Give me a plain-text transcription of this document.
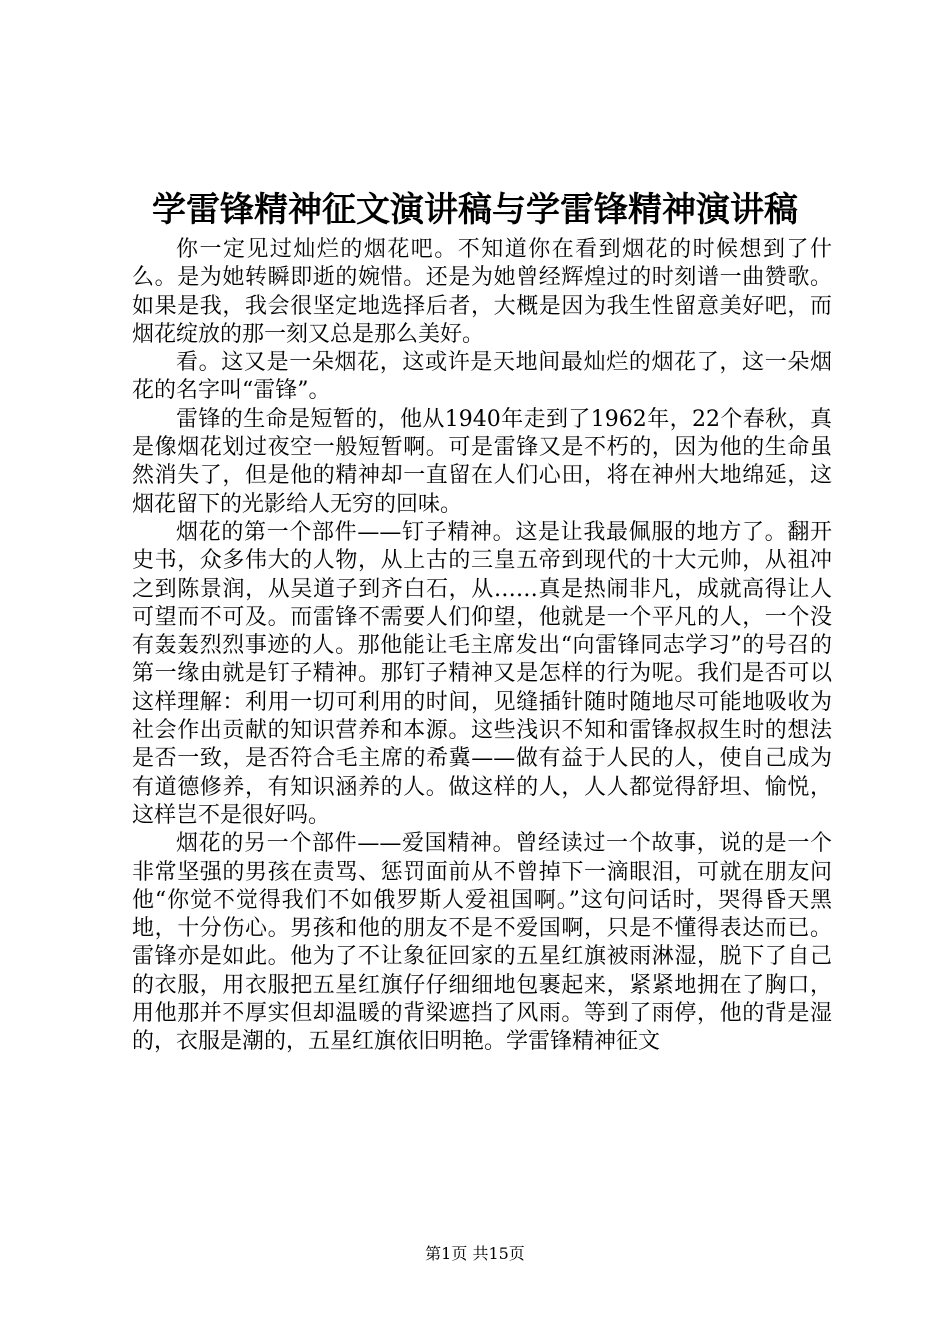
学雷锋精神征文演讲稿与学雷锋精神演讲稿

你一定见过灿烂的烟花吧。不知道你在看到烟花的时候想到了什么。是为她转瞬即逝的婉惜。还是为她曾经辉煌过的时刻谱一曲赞歌。如果是我，我会很坚定地选择后者，大概是因为我生性留意美好吧，而烟花绽放的那一刻又总是那么美好。

看。这又是一朵烟花，这或许是天地间最灿烂的烟花了，这一朵烟花的名字叫“雷锋”。

雷锋的生命是短暂的，他从1940年走到了1962年，22个春秋，真是像烟花划过夜空一般短暂啊。可是雷锋又是不朽的，因为他的生命虽然消失了，但是他的精神却一直留在人们心田，将在神州大地绵延，这烟花留下的光影给人无穷的回味。

烟花的第一个部件——钉子精神。这是让我最佩服的地方了。翻开史书，众多伟大的人物，从上古的三皇五帝到现代的十大元帅，从祖冲之到陈景润，从吴道子到齐白石，从……真是热闹非凡，成就高得让人可望而不可及。而雷锋不需要人们仰望，他就是一个平凡的人，一个没有轰轰烈烈事迹的人。那他能让毛主席发出“向雷锋同志学习”的号召的第一缘由就是钉子精神。那钉子精神又是怎样的行为呢。我们是否可以这样理解：利用一切可利用的时间，见缝插针随时随地尽可能地吸收为社会作出贡献的知识营养和本源。这些浅识不知和雷锋叔叔生时的想法是否一致，是否符合毛主席的希冀——做有益于人民的人，使自己成为有道德修养，有知识涵养的人。做这样的人，人人都觉得舒坦、愉悦，这样岂不是很好吗。

烟花的另一个部件——爱国精神。曾经读过一个故事，说的是一个非常坚强的男孩在责骂、惩罚面前从不曾掉下一滴眼泪，可就在朋友问他“你觉不觉得我们不如俄罗斯人爱祖国啊。”这句问话时，哭得昏天黑地，十分伤心。男孩和他的朋友不是不爱国啊，只是不懂得表达而已。雷锋亦是如此。他为了不让象征回家的五星红旗被雨淋湿，脱下了自己的衣服，用衣服把五星红旗仔仔细细地包裹起来，紧紧地拥在了胸口，用他那并不厚实但却温暖的背梁遮挡了风雨。等到了雨停，他的背是湿的，衣服是潮的，五星红旗依旧明艳。学雷锋精神征文

第1页 共15页
